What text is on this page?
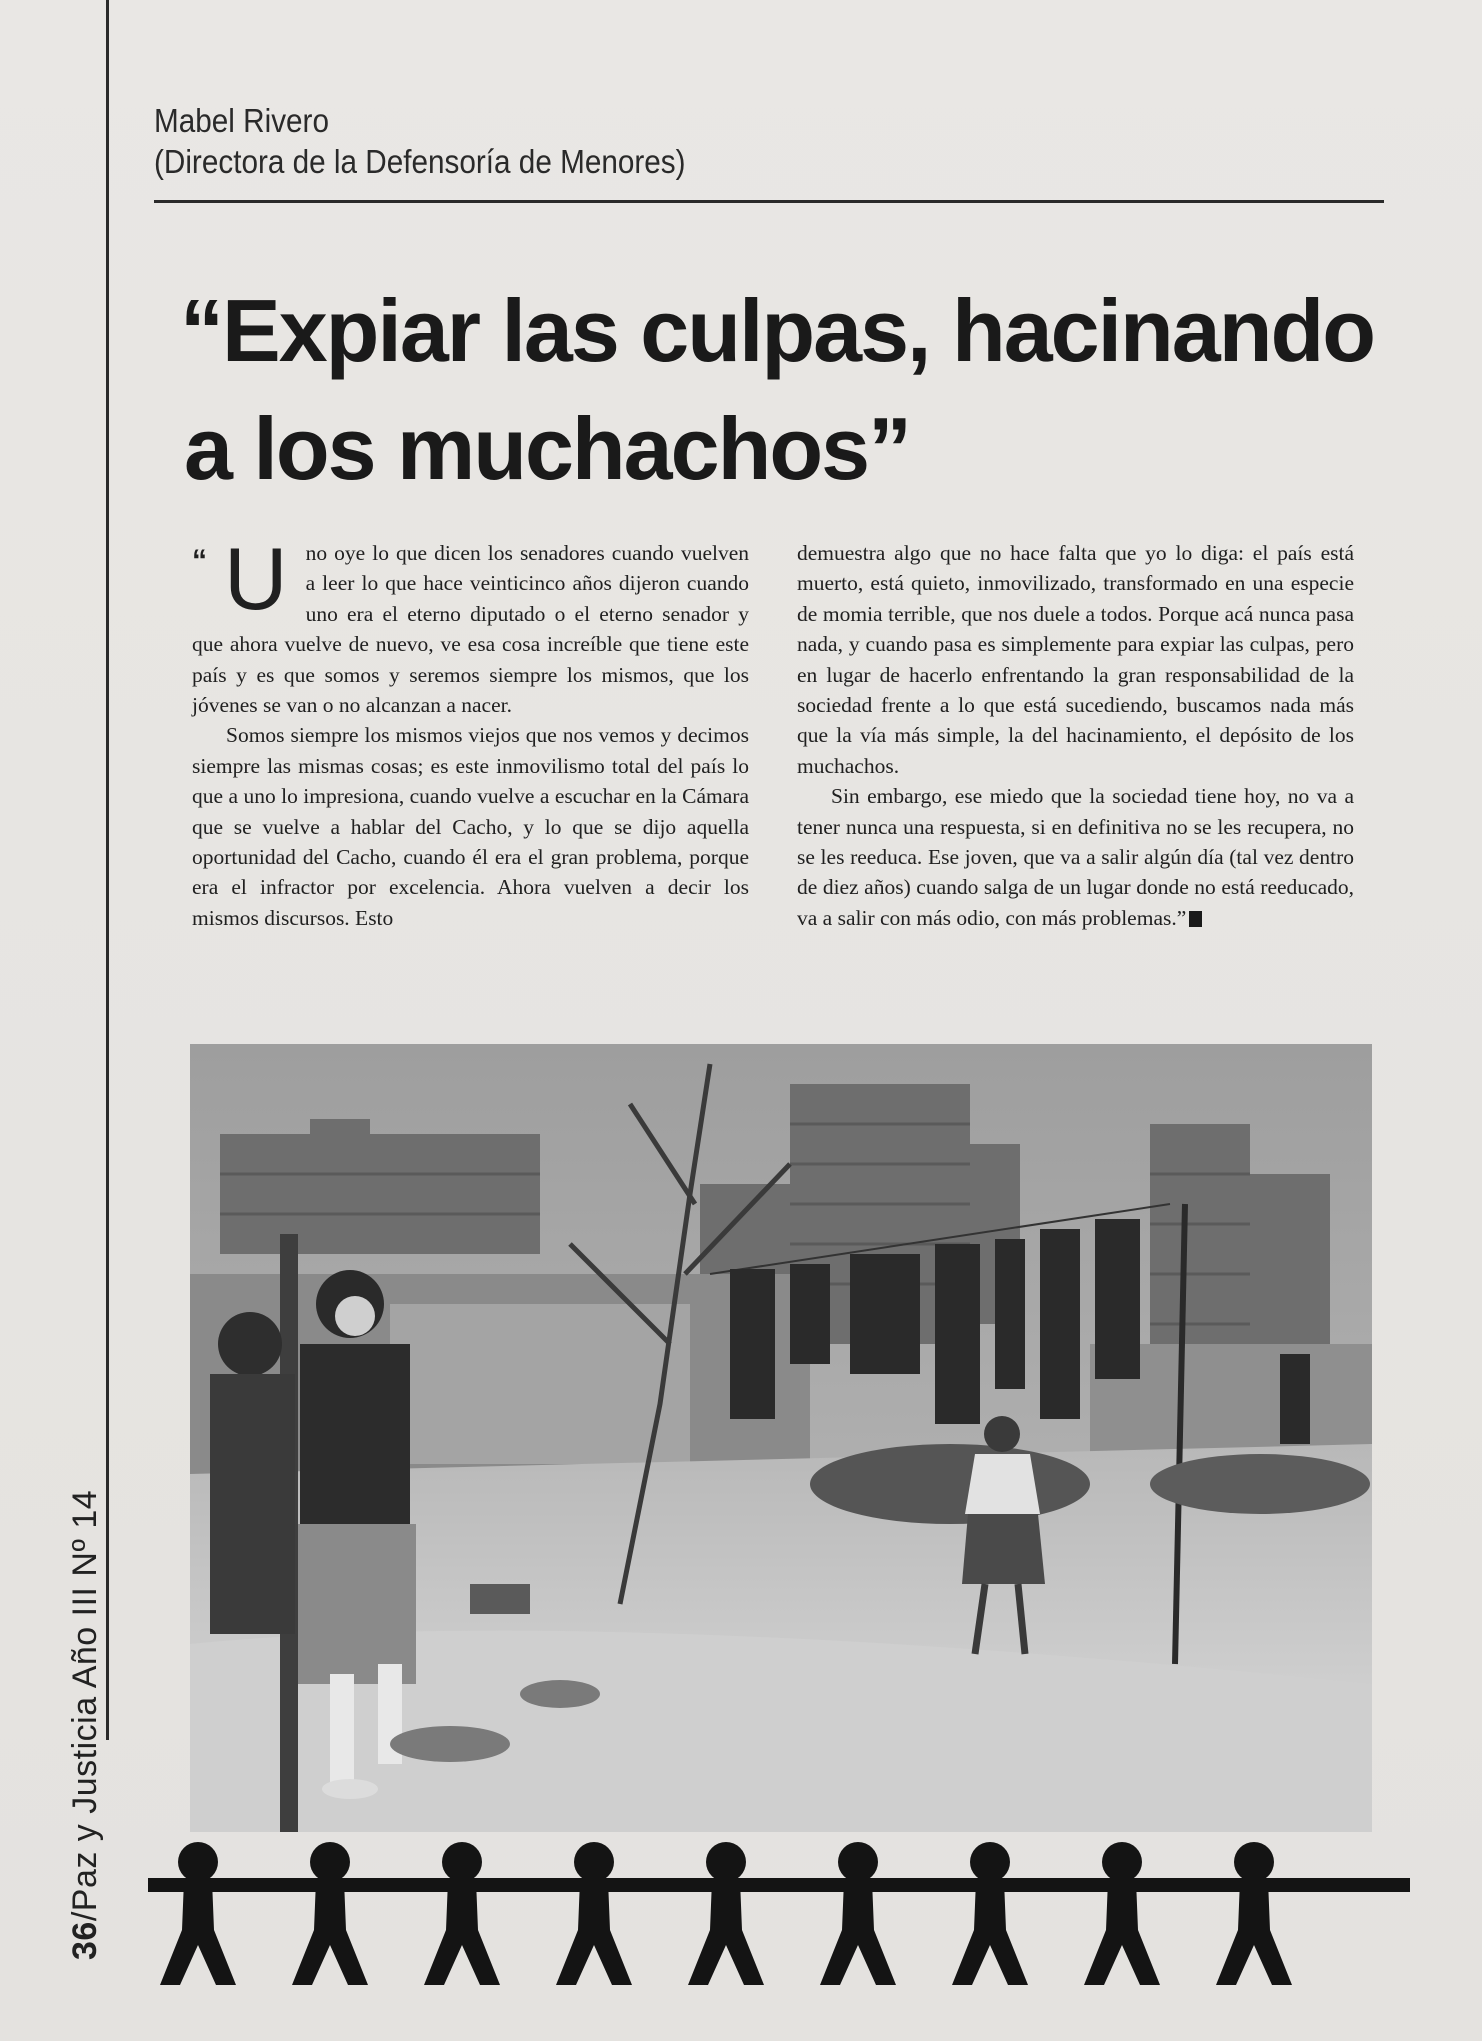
36/Paz y Justicia Año III Nº 14
Mabel Rivero
(Directora de la Defensoría de Menores)
“Expiar las culpas, hacinando
a los muchachos”
“ U no oye lo que dicen los senadores cuando vuelven a leer lo que hace veinticinco años dijeron cuando uno era el eterno diputado o el eterno senador y que ahora vuelve de nuevo, ve esa cosa increíble que tiene este país y es que somos y seremos siempre los mismos, que los jóvenes se van o no alcanzan a nacer.

Somos siempre los mismos viejos que nos vemos y decimos siempre las mismas cosas; es este inmovilismo total del país lo que a uno lo impresiona, cuando vuelve a escuchar en la Cámara que se vuelve a hablar del Cacho, y lo que se dijo aquella oportunidad del Cacho, cuando él era el gran problema, porque era el infractor por excelencia. Ahora vuelven a decir los mismos discursos. Esto

demuestra algo que no hace falta que yo lo diga: el país está muerto, está quieto, inmovilizado, transformado en una especie de momia terrible, que nos duele a todos. Porque acá nunca pasa nada, y cuando pasa es simplemente para expiar las culpas, pero en lugar de hacerlo enfrentando la gran responsabilidad de la sociedad frente a lo que está sucediendo, buscamos nada más que la vía más simple, la del hacinamiento, el depósito de los muchachos.

Sin embargo, ese miedo que la sociedad tiene hoy, no va a tener nunca una respuesta, si en definitiva no se les recupera, no se les reeduca. Ese joven, que va a salir algún día (tal vez dentro de diez años) cuando salga de un lugar donde no está reeducado, va a salir con más odio, con más problemas.”
